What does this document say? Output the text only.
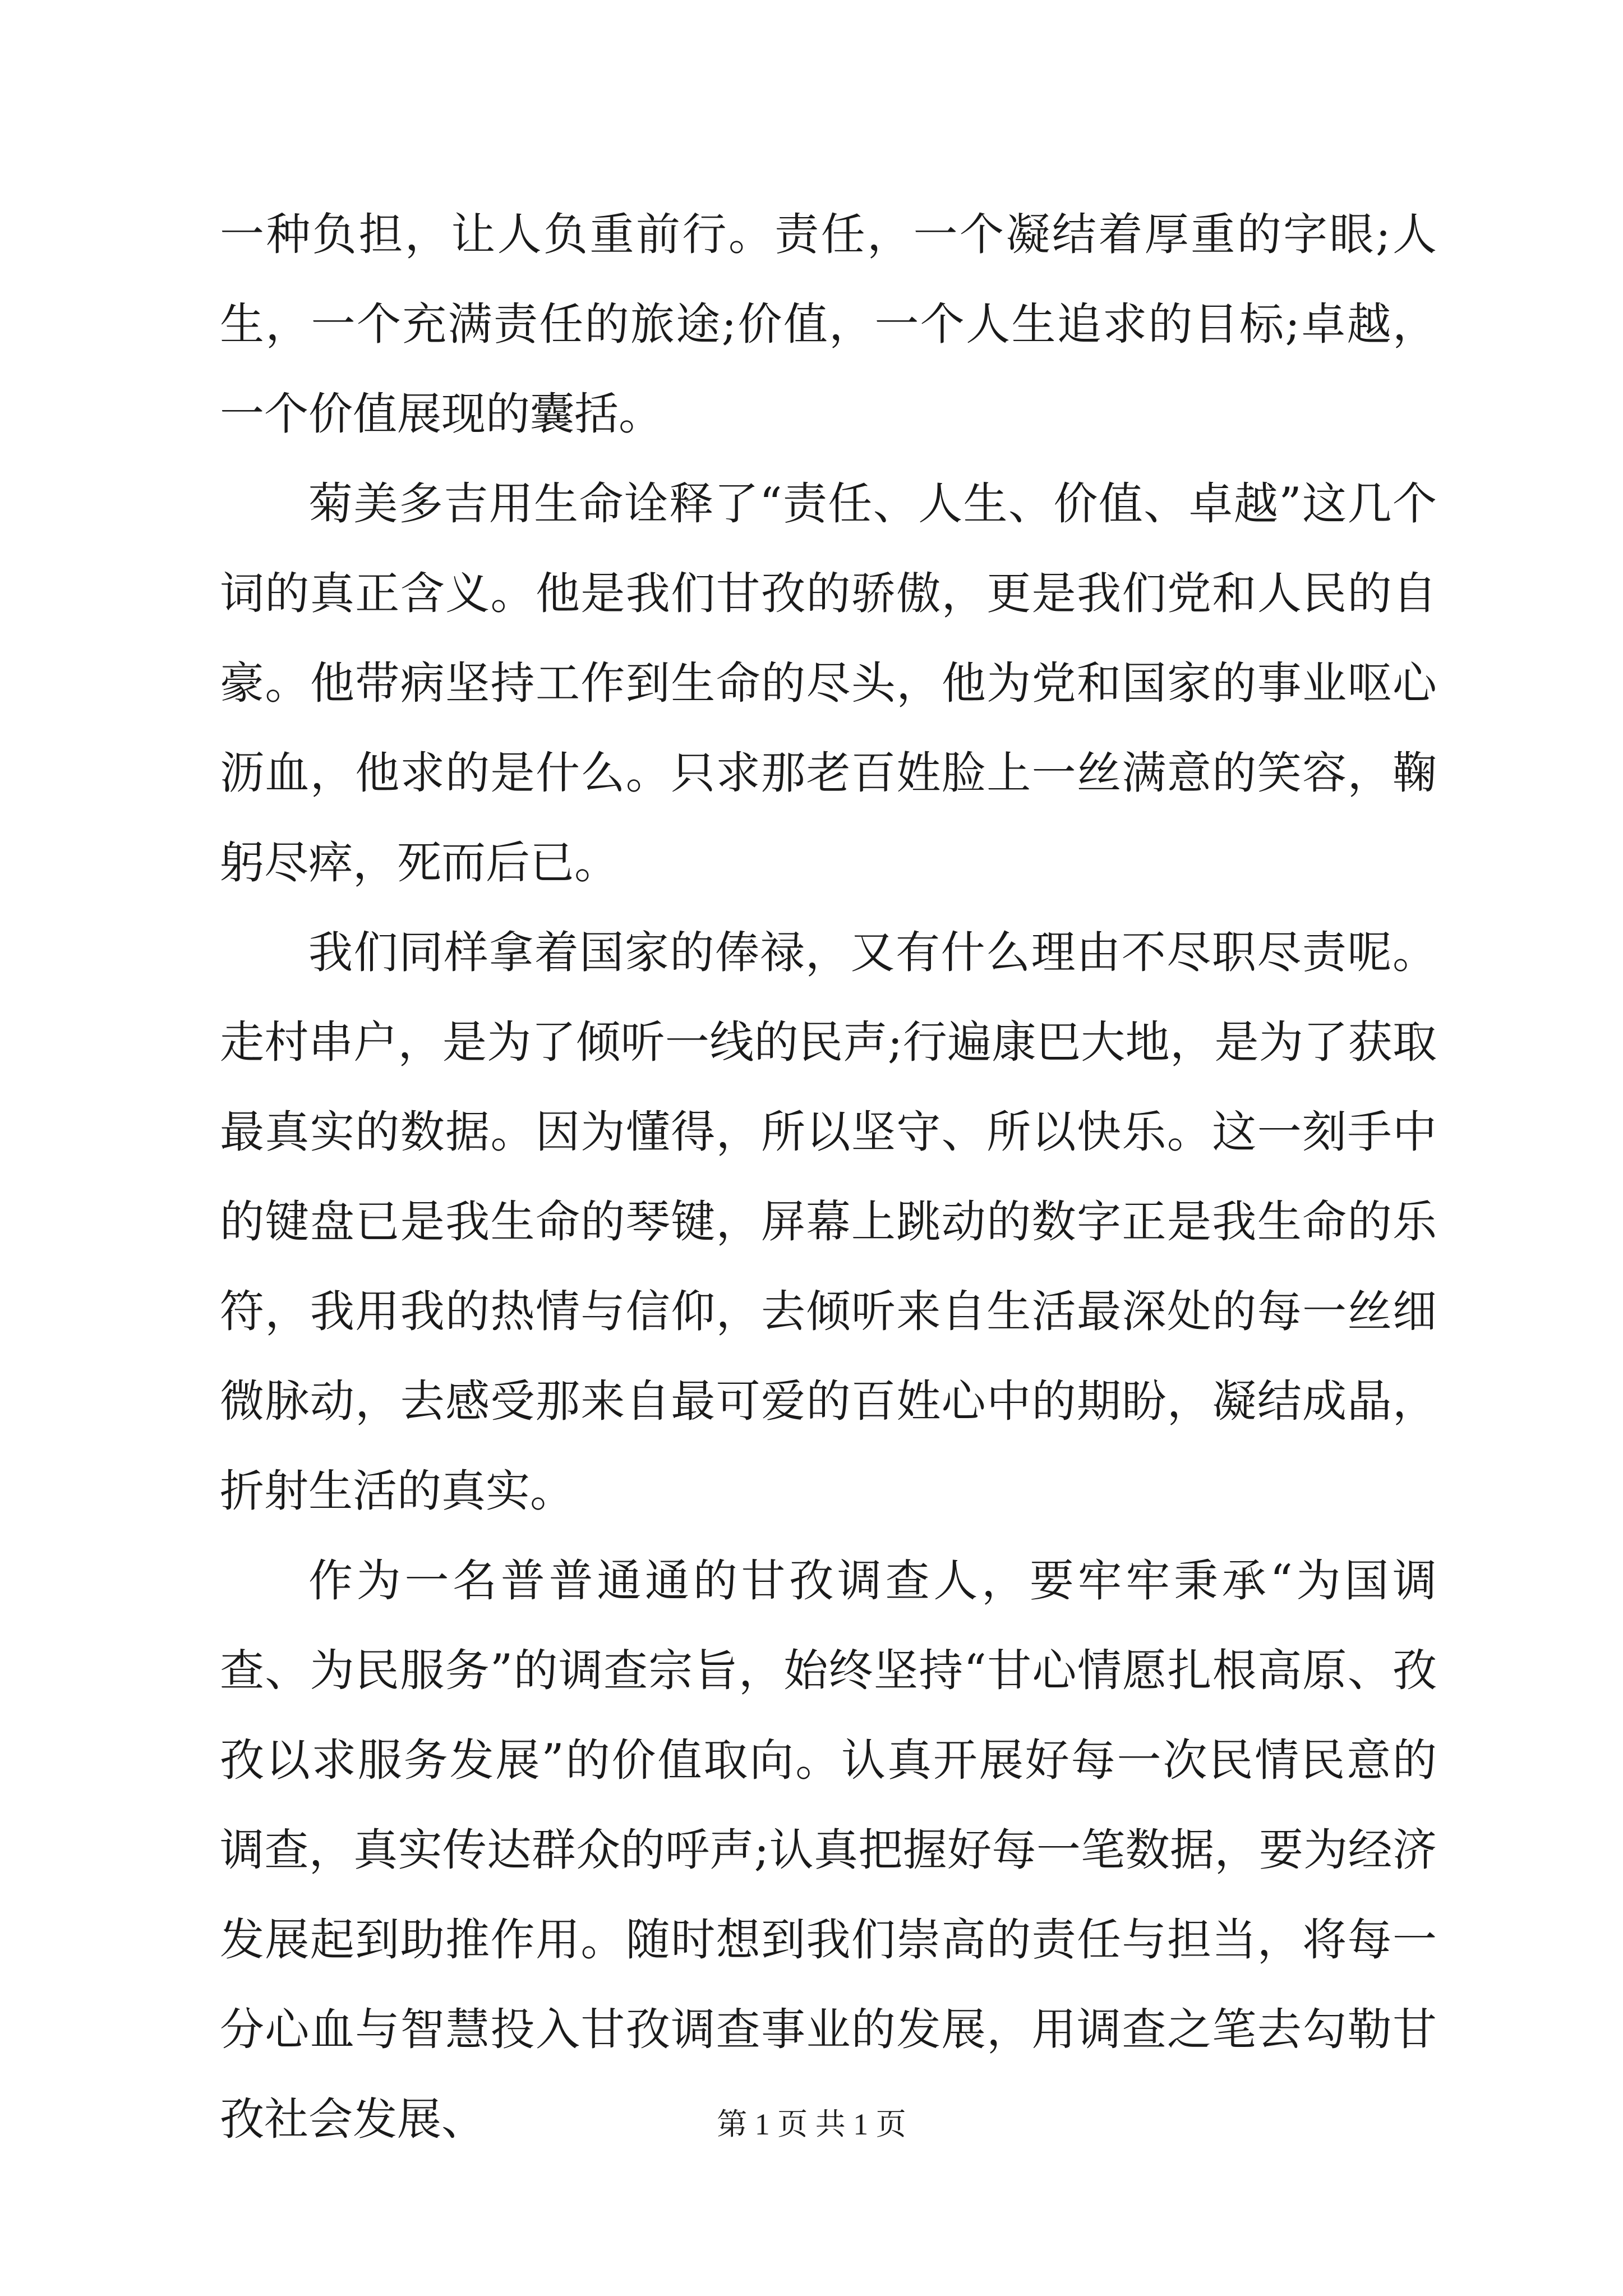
一种负担，让人负重前行。责任，一个凝结着厚重的字眼;人生，一个充满责任的旅途;价值，一个人生追求的目标;卓越，一个价值展现的囊括。

菊美多吉用生命诠释了“责任、人生、价值、卓越”这几个词的真正含义。他是我们甘孜的骄傲，更是我们党和人民的自豪。他带病坚持工作到生命的尽头，他为党和国家的事业呕心沥血，他求的是什么。只求那老百姓脸上一丝满意的笑容，鞠躬尽瘁，死而后已。

我们同样拿着国家的俸禄，又有什么理由不尽职尽责呢。走村串户，是为了倾听一线的民声;行遍康巴大地，是为了获取最真实的数据。因为懂得，所以坚守、所以快乐。这一刻手中的键盘已是我生命的琴键，屏幕上跳动的数字正是我生命的乐符，我用我的热情与信仰，去倾听来自生活最深处的每一丝细微脉动，去感受那来自最可爱的百姓心中的期盼，凝结成晶，折射生活的真实。

作为一名普普通通的甘孜调查人，要牢牢秉承“为国调查、为民服务”的调查宗旨，始终坚持“甘心情愿扎根高原、孜孜以求服务发展”的价值取向。认真开展好每一次民情民意的调查，真实传达群众的呼声;认真把握好每一笔数据，要为经济发展起到助推作用。随时想到我们崇高的责任与担当，将每一分心血与智慧投入甘孜调查事业的发展，用调查之笔去勾勒甘孜社会发展、	第 1 页 共 1 页
